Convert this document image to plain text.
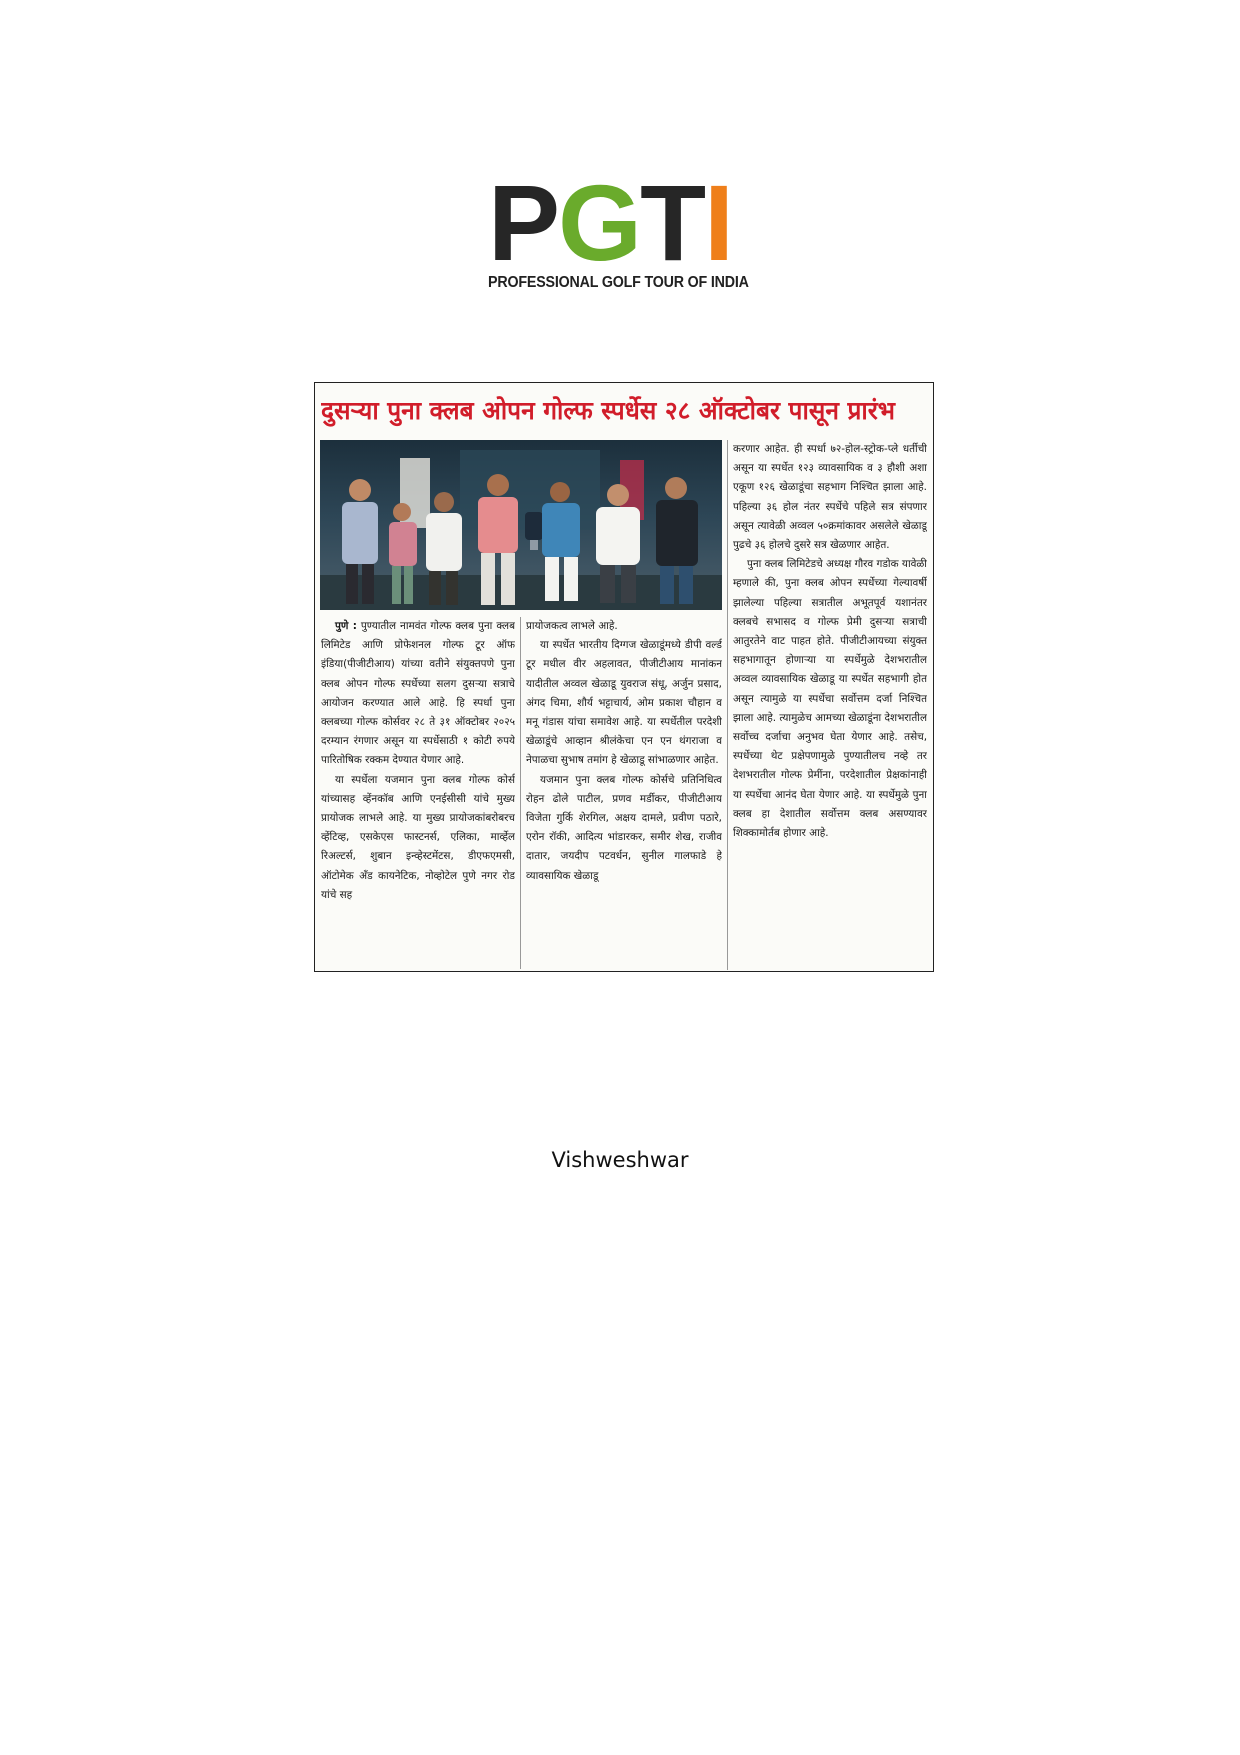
P G T I
PROFESSIONAL GOLF TOUR OF INDIA
दुसऱ्या पुना क्लब ओपन गोल्फ स्पर्धेस २८ ऑक्टोबर पासून प्रारंभ

पुणे : पुण्यातील नामवंत गोल्फ क्लब पुना क्लब लिमिटेड आणि प्रोफेशनल गोल्फ टूर ऑफ इंडिया(पीजीटीआय) यांच्या वतीने संयुक्तपणे पुना क्लब ओपन गोल्फ स्पर्धेच्या सलग दुसऱ्या सत्राचे आयोजन करण्यात आले आहे. हि स्पर्धा पुना क्लबच्या गोल्फ कोर्सवर २८ ते ३१ ऑक्टोबर २०२५ दरम्यान रंगणार असून या स्पर्धेसाठी १ कोटी रुपये पारितोषिक रक्कम देण्यात येणार आहे.

या स्पर्धेला यजमान पुना क्लब गोल्फ कोर्स यांच्यासह व्हेंनकॉब आणि एनईसीसी यांचे मुख्य प्रायोजक लाभले आहे. या मुख्य प्रायोजकांबरोबरच व्हेंटिव्ह, एसकेएस फास्टनर्स, एलिका, मार्व्हेल रिअल्टर्स, शुबान इन्व्हेस्टमेंटस, डीएफएमसी, ऑटोमेक अँड कायनेटिक, नोव्होटेल पुणे नगर रोड यांचे सह

प्रायोजकत्व लाभले आहे.

या स्पर्धेत भारतीय दिग्गज खेळाडूंमध्ये डीपी वर्ल्ड टूर मधील वीर अहलावत, पीजीटीआय मानांकन यादीतील अव्वल खेळाडू युवराज संधू, अर्जुन प्रसाद, अंगद चिमा, शौर्य भट्टाचार्य, ओम प्रकाश चौहान व मनू गंडास यांचा समावेश आहे. या स्पर्धेतील परदेशी खेळाडूंचे आव्हान श्रीलंकेचा एन एन थंगराजा व नेपाळचा सुभाष तमांग हे खेळाडू सांभाळणार आहेत.

यजमान पुना क्लब गोल्फ कोर्सचे प्रतिनिधित्व रोहन ढोले पाटील, प्रणव मर्डीकर, पीजीटीआय विजेता गुर्कि शेरगिल, अक्षय दामले, प्रवीण पठारे, एरोन रॉकी, आदित्य भांडारकर, समीर शेख, राजीव दातार, जयदीप पटवर्धन, सुनील गालफाडे हे व्यावसायिक खेळाडू

करणार आहेत. ही स्पर्धा ७२-होल-स्ट्रोक-प्ले धर्तीची असून या स्पर्धेत १२३ व्यावसायिक व ३ हौशी अशा एकूण १२६ खेळाडूंचा सहभाग निश्चित झाला आहे. पहिल्या ३६ होल नंतर स्पर्धेचे पहिले सत्र संपणार असून त्यावेळी अव्वल ५०क्रमांकावर असलेले खेळाडू पुढचे ३६ होलचे दुसरे सत्र खेळणार आहेत.

पुना क्लब लिमिटेडचे अध्यक्ष गौरव गडोक यावेळी म्हणाले की, पुना क्लब ओपन स्पर्धेच्या गेल्यावर्षी झालेल्या पहिल्या सत्रातील अभूतपूर्व यशानंतर क्लबचे सभासद व गोल्फ प्रेमी दुसऱ्या सत्राची आतुरतेने वाट पाहत होते. पीजीटीआयच्या संयुक्त सहभागातून होणाऱ्या या स्पर्धेमुळे देशभरातील अव्वल व्यावसायिक खेळाडू या स्पर्धेत सहभागी होत असून त्यामुळे या स्पर्धेचा सर्वोत्तम दर्जा निश्चित झाला आहे. त्यामुळेच आमच्या खेळाडूंना देशभरातील सर्वोच्च दर्जाचा अनुभव घेता येणार आहे. तसेच, स्पर्धेच्या थेट प्रक्षेपणामुळे पुण्यातीलच नव्हे तर देशभरातील गोल्फ प्रेमींना, परदेशातील प्रेक्षकांनाही या स्पर्धेचा आनंद घेता येणार आहे. या स्पर्धेमुळे पुना क्लब हा देशातील सर्वोत्तम क्लब असण्यावर शिक्कामोर्तब होणार आहे.

Vishweshwar
